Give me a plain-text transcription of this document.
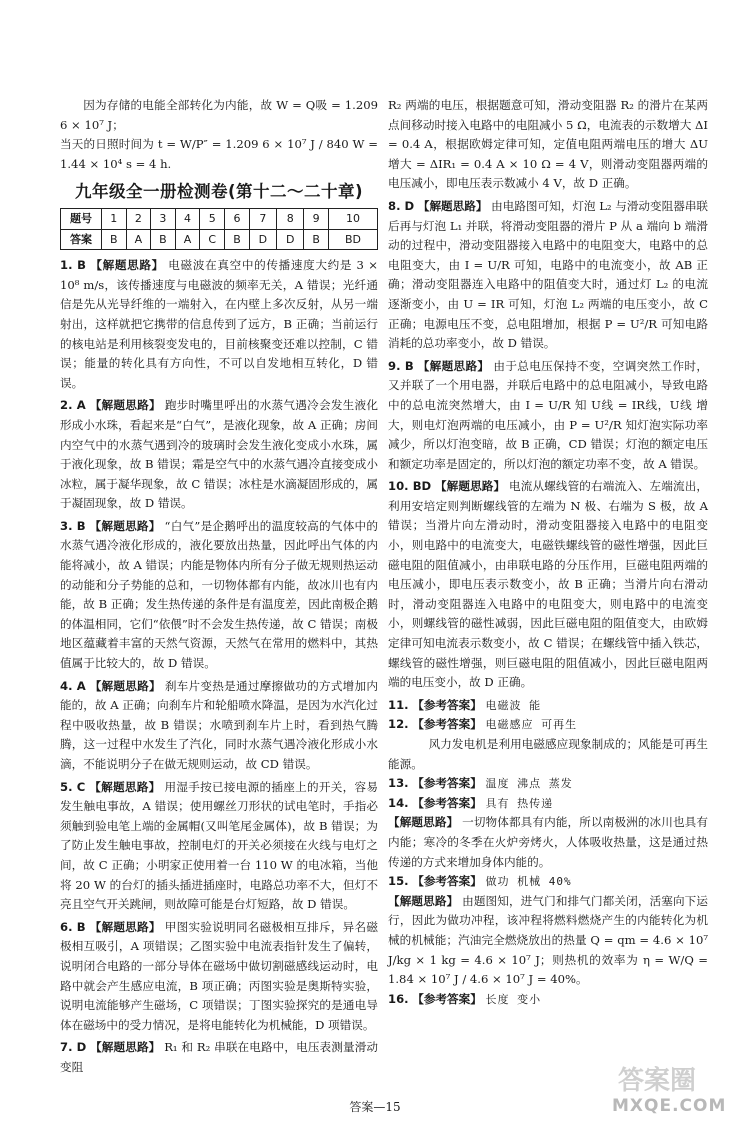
因为存储的电能全部转化为内能，故 W = Q吸 = 1.209 6 × 10⁷ J；

当天的日照时间为 t = W/P″ = 1.209 6 × 10⁷ J / 840 W = 1.44 × 10⁴ s = 4 h.

九年级全一册检测卷(第十二～二十章)
题号	1	2	3	4	5	6	7	8	9	10
答案	B	A	B	A	C	B	D	D	B	BD

1. B 【解题思路】 电磁波在真空中的传播速度大约是 3 × 10⁸ m/s，该传播速度与电磁波的频率无关，A 错误；光纤通信是先从光导纤维的一端射入，在内壁上多次反射，从另一端射出，这样就把它携带的信息传到了远方，B 正确；当前运行的核电站是利用核裂变发电的，目前核聚变还难以控制，C 错误；能量的转化具有方向性，不可以自发地相互转化，D 错误。

2. A 【解题思路】 跑步时嘴里呼出的水蒸气遇冷会发生液化形成小水珠，看起来是“白气”，是液化现象，故 A 正确；房间内空气中的水蒸气遇到冷的玻璃时会发生液化变成小水珠，属于液化现象，故 B 错误；霜是空气中的水蒸气遇冷直接变成小冰粒，属于凝华现象，故 C 错误；冰柱是水滴凝固形成的，属于凝固现象，故 D 错误。

3. B 【解题思路】 “白气”是企鹅呼出的温度较高的气体中的水蒸气遇冷液化形成的，液化要放出热量，因此呼出气体的内能将减小，故 A 错误；内能是物体内所有分子做无规则热运动的动能和分子势能的总和，一切物体都有内能，故冰川也有内能，故 B 正确；发生热传递的条件是有温度差，因此南极企鹅的体温相同，它们“依偎”时不会发生热传递，故 C 错误；南极地区蕴藏着丰富的天然气资源，天然气在常用的燃料中，其热值属于比较大的，故 D 错误。

4. A 【解题思路】 刹车片变热是通过摩擦做功的方式增加内能的，故 A 正确；向刹车片和轮船喷水降温，是因为水汽化过程中吸收热量，故 B 错误；水喷到刹车片上时，看到热气腾腾，这一过程中水发生了汽化，同时水蒸气遇冷液化形成小水滴，不能说明分子在做无规则运动，故 CD 错误。

5. C 【解题思路】 用湿手按已接电源的插座上的开关，容易发生触电事故，A 错误；使用螺丝刀形状的试电笔时，手指必须触到验电笔上端的金属帽(又叫笔尾金属体)，故 B 错误；为了防止发生触电事故，控制电灯的开关必须接在火线与电灯之间，故 C 正确；小明家正使用着一台 110 W 的电冰箱，当他将 20 W 的台灯的插头插进插座时，电路总功率不大，但灯不亮且空气开关跳闸，则故障可能是台灯短路，故 D 错误。

6. B 【解题思路】 甲图实验说明同名磁极相互排斥，异名磁极相互吸引，A 项错误；乙图实验中电流表指针发生了偏转，说明闭合电路的一部分导体在磁场中做切割磁感线运动时，电路中就会产生感应电流，B 项正确；丙图实验是奥斯特实验，说明电流能够产生磁场，C 项错误；丁图实验探究的是通电导体在磁场中的受力情况，是将电能转化为机械能，D 项错误。

7. D 【解题思路】 R₁ 和 R₂ 串联在电路中，电压表测量滑动变阻

R₂ 两端的电压，根据题意可知，滑动变阻器 R₂ 的滑片在某两点间移动时接入电路中的电阻减小 5 Ω，电流表的示数增大 ΔI = 0.4 A，根据欧姆定律可知，定值电阻两端电压的增大 ΔU增大 = ΔIR₁ = 0.4 A × 10 Ω = 4 V，则滑动变阻器两端的电压减小，即电压表示数减小 4 V，故 D 正确。

8. D 【解题思路】 由电路图可知，灯泡 L₂ 与滑动变阻器串联后再与灯泡 L₁ 并联，将滑动变阻器的滑片 P 从 a 端向 b 端滑动的过程中，滑动变阻器接入电路中的电阻变大，电路中的总电阻变大，由 I = U/R 可知，电路中的电流变小，故 AB 正确；滑动变阻器连入电路中的阻值变大时，通过灯 L₂ 的电流逐渐变小，由 U = IR 可知，灯泡 L₂ 两端的电压变小，故 C 正确；电源电压不变，总电阻增加，根据 P = U²/R 可知电路消耗的总功率变小，故 D 错误。

9. B 【解题思路】 由于总电压保持不变，空调突然工作时，又并联了一个用电器，并联后电路中的总电阻减小，导致电路中的总电流突然增大，由 I = U/R 知 U线 = IR线，U线 增大，则电灯泡两端的电压减小，由 P = U²/R 知灯泡实际功率减少，所以灯泡变暗，故 B 正确，CD 错误；灯泡的额定电压和额定功率是固定的，所以灯泡的额定功率不变，故 A 错误。

10. BD 【解题思路】 电流从螺线管的右端流入、左端流出，利用安培定则判断螺线管的左端为 N 极、右端为 S 极，故 A 错误；当滑片向左滑动时，滑动变阻器接入电路中的电阻变小，则电路中的电流变大，电磁铁螺线管的磁性增强，因此巨磁电阻的阻值减小，由串联电路的分压作用，巨磁电阻两端的电压减小，即电压表示数变小，故 B 正确；当滑片向右滑动时，滑动变阻器连入电路中的电阻变大，则电路中的电流变小，则螺线管的磁性减弱，因此巨磁电阻的阻值变大，由欧姆定律可知电流表示数变小，故 C 错误；在螺线管中插入铁芯，螺线管的磁性增强，则巨磁电阻的阻值减小，因此巨磁电阻两端的电压变小，故 D 正确。

11. 【参考答案】 电磁波 能

12. 【参考答案】 电磁感应 可再生

风力发电机是利用电磁感应现象制成的；风能是可再生能源。

13. 【参考答案】 温度 沸点 蒸发

14. 【参考答案】 具有 热传递

【解题思路】 一切物体都具有内能，所以南极洲的冰川也具有内能；寒冷的冬季在火炉旁烤火，人体吸收热量，这是通过热传递的方式来增加身体内能的。

15. 【参考答案】 做功 机械 40%

【解题思路】 由题图知，进气门和排气门都关闭，活塞向下运行，因此为做功冲程，该冲程将燃料燃烧产生的内能转化为机械的机械能；汽油完全燃烧放出的热量 Q = qm = 4.6 × 10⁷ J/kg × 1 kg = 4.6 × 10⁷ J；则热机的效率为 η = W/Q = 1.84 × 10⁷ J / 4.6 × 10⁷ J = 40%。

16. 【参考答案】 长度 变小

答案—15
答案圈
MXQE.COM
